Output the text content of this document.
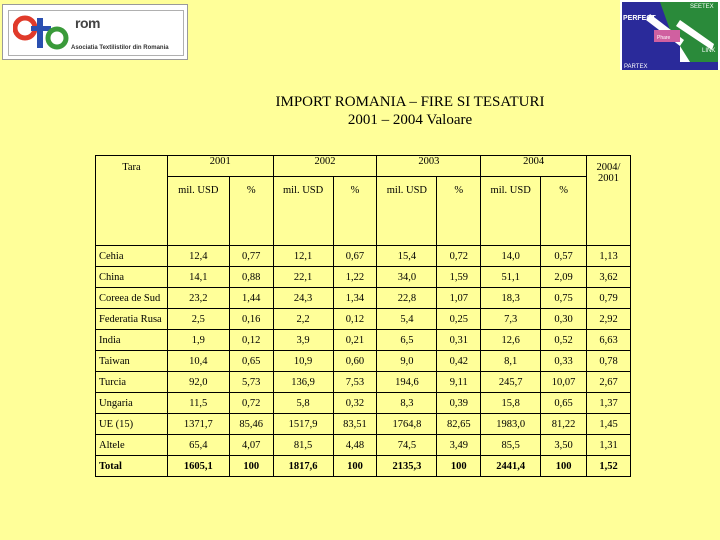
rom
Asociatia Textilistilor din Romania
SEETEX
PERFECT
Phare
LINK
PARTEX
IMPORT ROMANIA – FIRE SI TESATURI
2001 – 2004 Valoare
Tara	2001		2002		2003		2004		2004/
2001

	mil. USD	%	mil. USD	%	mil. USD	%	mil. USD	%	
Cehia	12,4	0,77	12,1	0,67	15,4	0,72	14,0	0,57	1,13
China	14,1	0,88	22,1	1,22	34,0	1,59	51,1	2,09	3,62
Coreea de Sud	23,2	1,44	24,3	1,34	22,8	1,07	18,3	0,75	0,79
Federatia Rusa	2,5	0,16	2,2	0,12	5,4	0,25	7,3	0,30	2,92
India	1,9	0,12	3,9	0,21	6,5	0,31	12,6	0,52	6,63
Taiwan	10,4	0,65	10,9	0,60	9,0	0,42	8,1	0,33	0,78
Turcia	92,0	5,73	136,9	7,53	194,6	9,11	245,7	10,07	2,67
Ungaria	11,5	0,72	5,8	0,32	8,3	0,39	15,8	0,65	1,37
UE (15)	1371,7	85,46	1517,9	83,51	1764,8	82,65	1983,0	81,22	1,45
Altele	65,4	4,07	81,5	4,48	74,5	3,49	85,5	3,50	1,31
Total	1605,1	100	1817,6	100	2135,3	100	2441,4	100	1,52
